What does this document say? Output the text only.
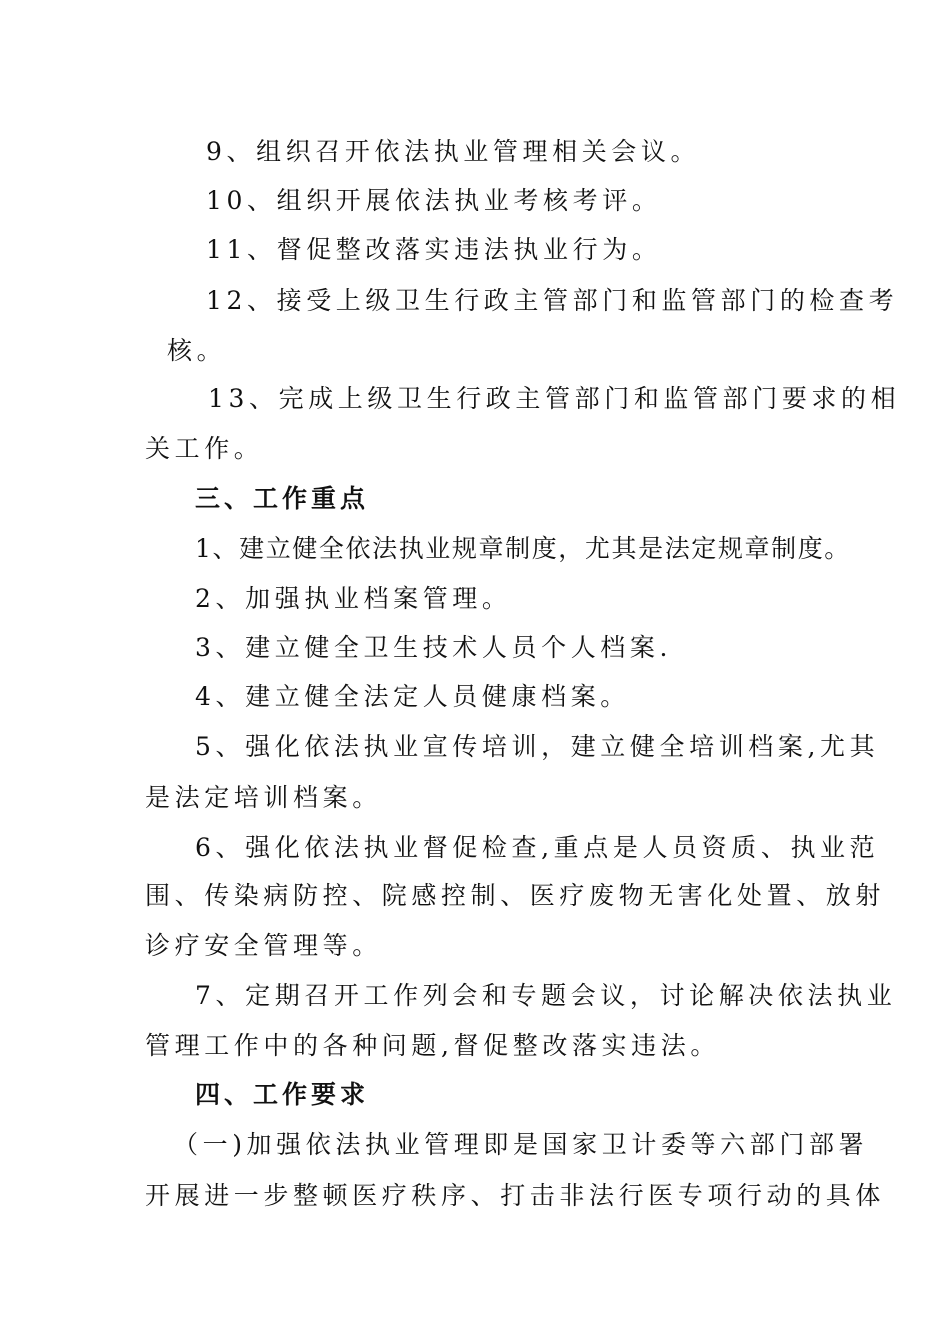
9、组织召开依法执业管理相关会议。
10、组织开展依法执业考核考评。
11、督促整改落实违法执业行为。
12、接受上级卫生行政主管部门和监管部门的检查考
核。
13、完成上级卫生行政主管部门和监管部门要求的相
关工作。
三、工作重点
1、建立健全依法执业规章制度，尤其是法定规章制度。
2、加强执业档案管理。
3、建立健全卫生技术人员个人档案.
4、建立健全法定人员健康档案。
5、强化依法执业宣传培训，建立健全培训档案,尤其
是法定培训档案。
6、强化依法执业督促检查,重点是人员资质、执业范
围、传染病防控、院感控制、医疗废物无害化处置、放射
诊疗安全管理等。
7、定期召开工作列会和专题会议，讨论解决依法执业
管理工作中的各种问题,督促整改落实违法。
四、工作要求
（一)加强依法执业管理即是国家卫计委等六部门部署
开展进一步整顿医疗秩序、打击非法行医专项行动的具体
